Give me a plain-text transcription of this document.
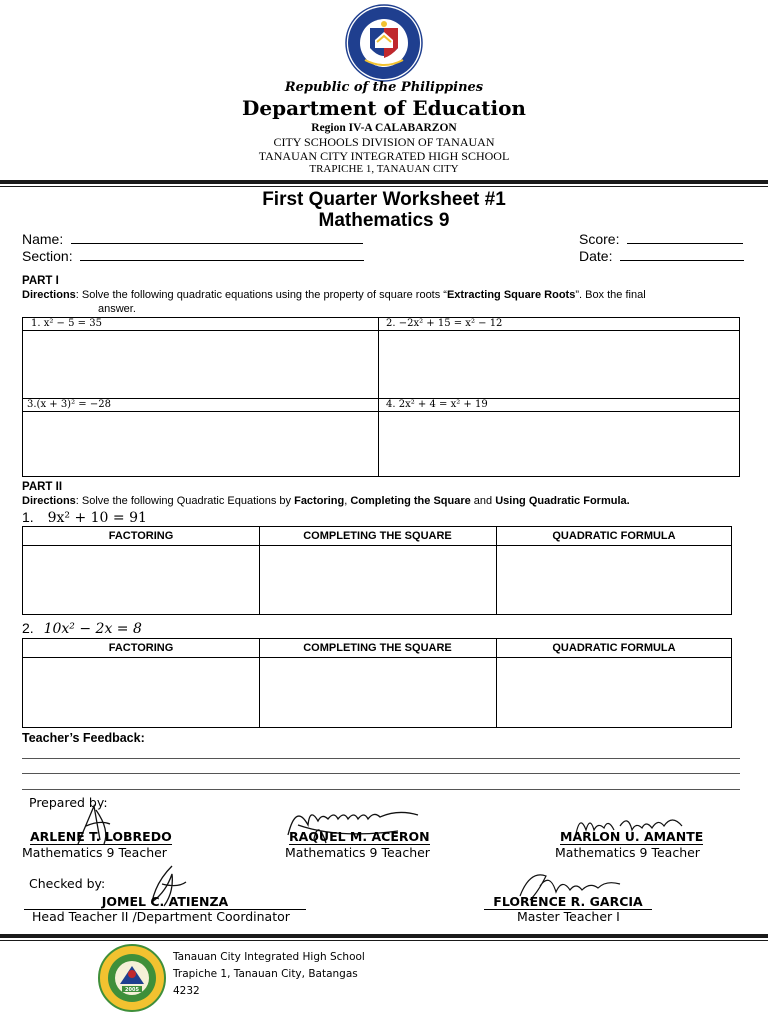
Republic of the Philippines
Department of Education
Region IV-A CALABARZON
CITY SCHOOLS DIVISION OF TANAUAN
TANAUAN CITY INTEGRATED HIGH SCHOOL
TRAPICHE 1, TANAUAN CITY
First Quarter Worksheet #1
Mathematics 9
Name:
Section:
Score:
Date:
PART I
Directions: Solve the following quadratic equations using the property of square roots “Extracting Square Roots”. Box the final
answer.
1. x² − 5 = 35	2. −2x² + 15 = x² − 12
3.(x + 3)² = −28	4. 2x² + 4 = x² + 19
PART II
Directions: Solve the following Quadratic Equations by Factoring, Completing the Square and Using Quadratic Formula.
1. 9x² + 10 = 91
FACTORING	COMPLETING THE SQUARE	QUADRATIC FORMULA
2. 10x² − 2x = 8
FACTORING	COMPLETING THE SQUARE	QUADRATIC FORMULA
Teacher’s Feedback:
Prepared by:
ARLENE T. LOBREDO
Mathematics 9 Teacher
RAQUEL M. ACERON
Mathematics 9 Teacher
MARLON U. AMANTE
Mathematics 9 Teacher
Checked by:
JOMEL C. ATIENZA
Head Teacher II /Department Coordinator
FLORENCE R. GARCIA
Master Teacher I
2005
Tanauan City Integrated High School
Trapiche 1, Tanauan City, Batangas
4232
